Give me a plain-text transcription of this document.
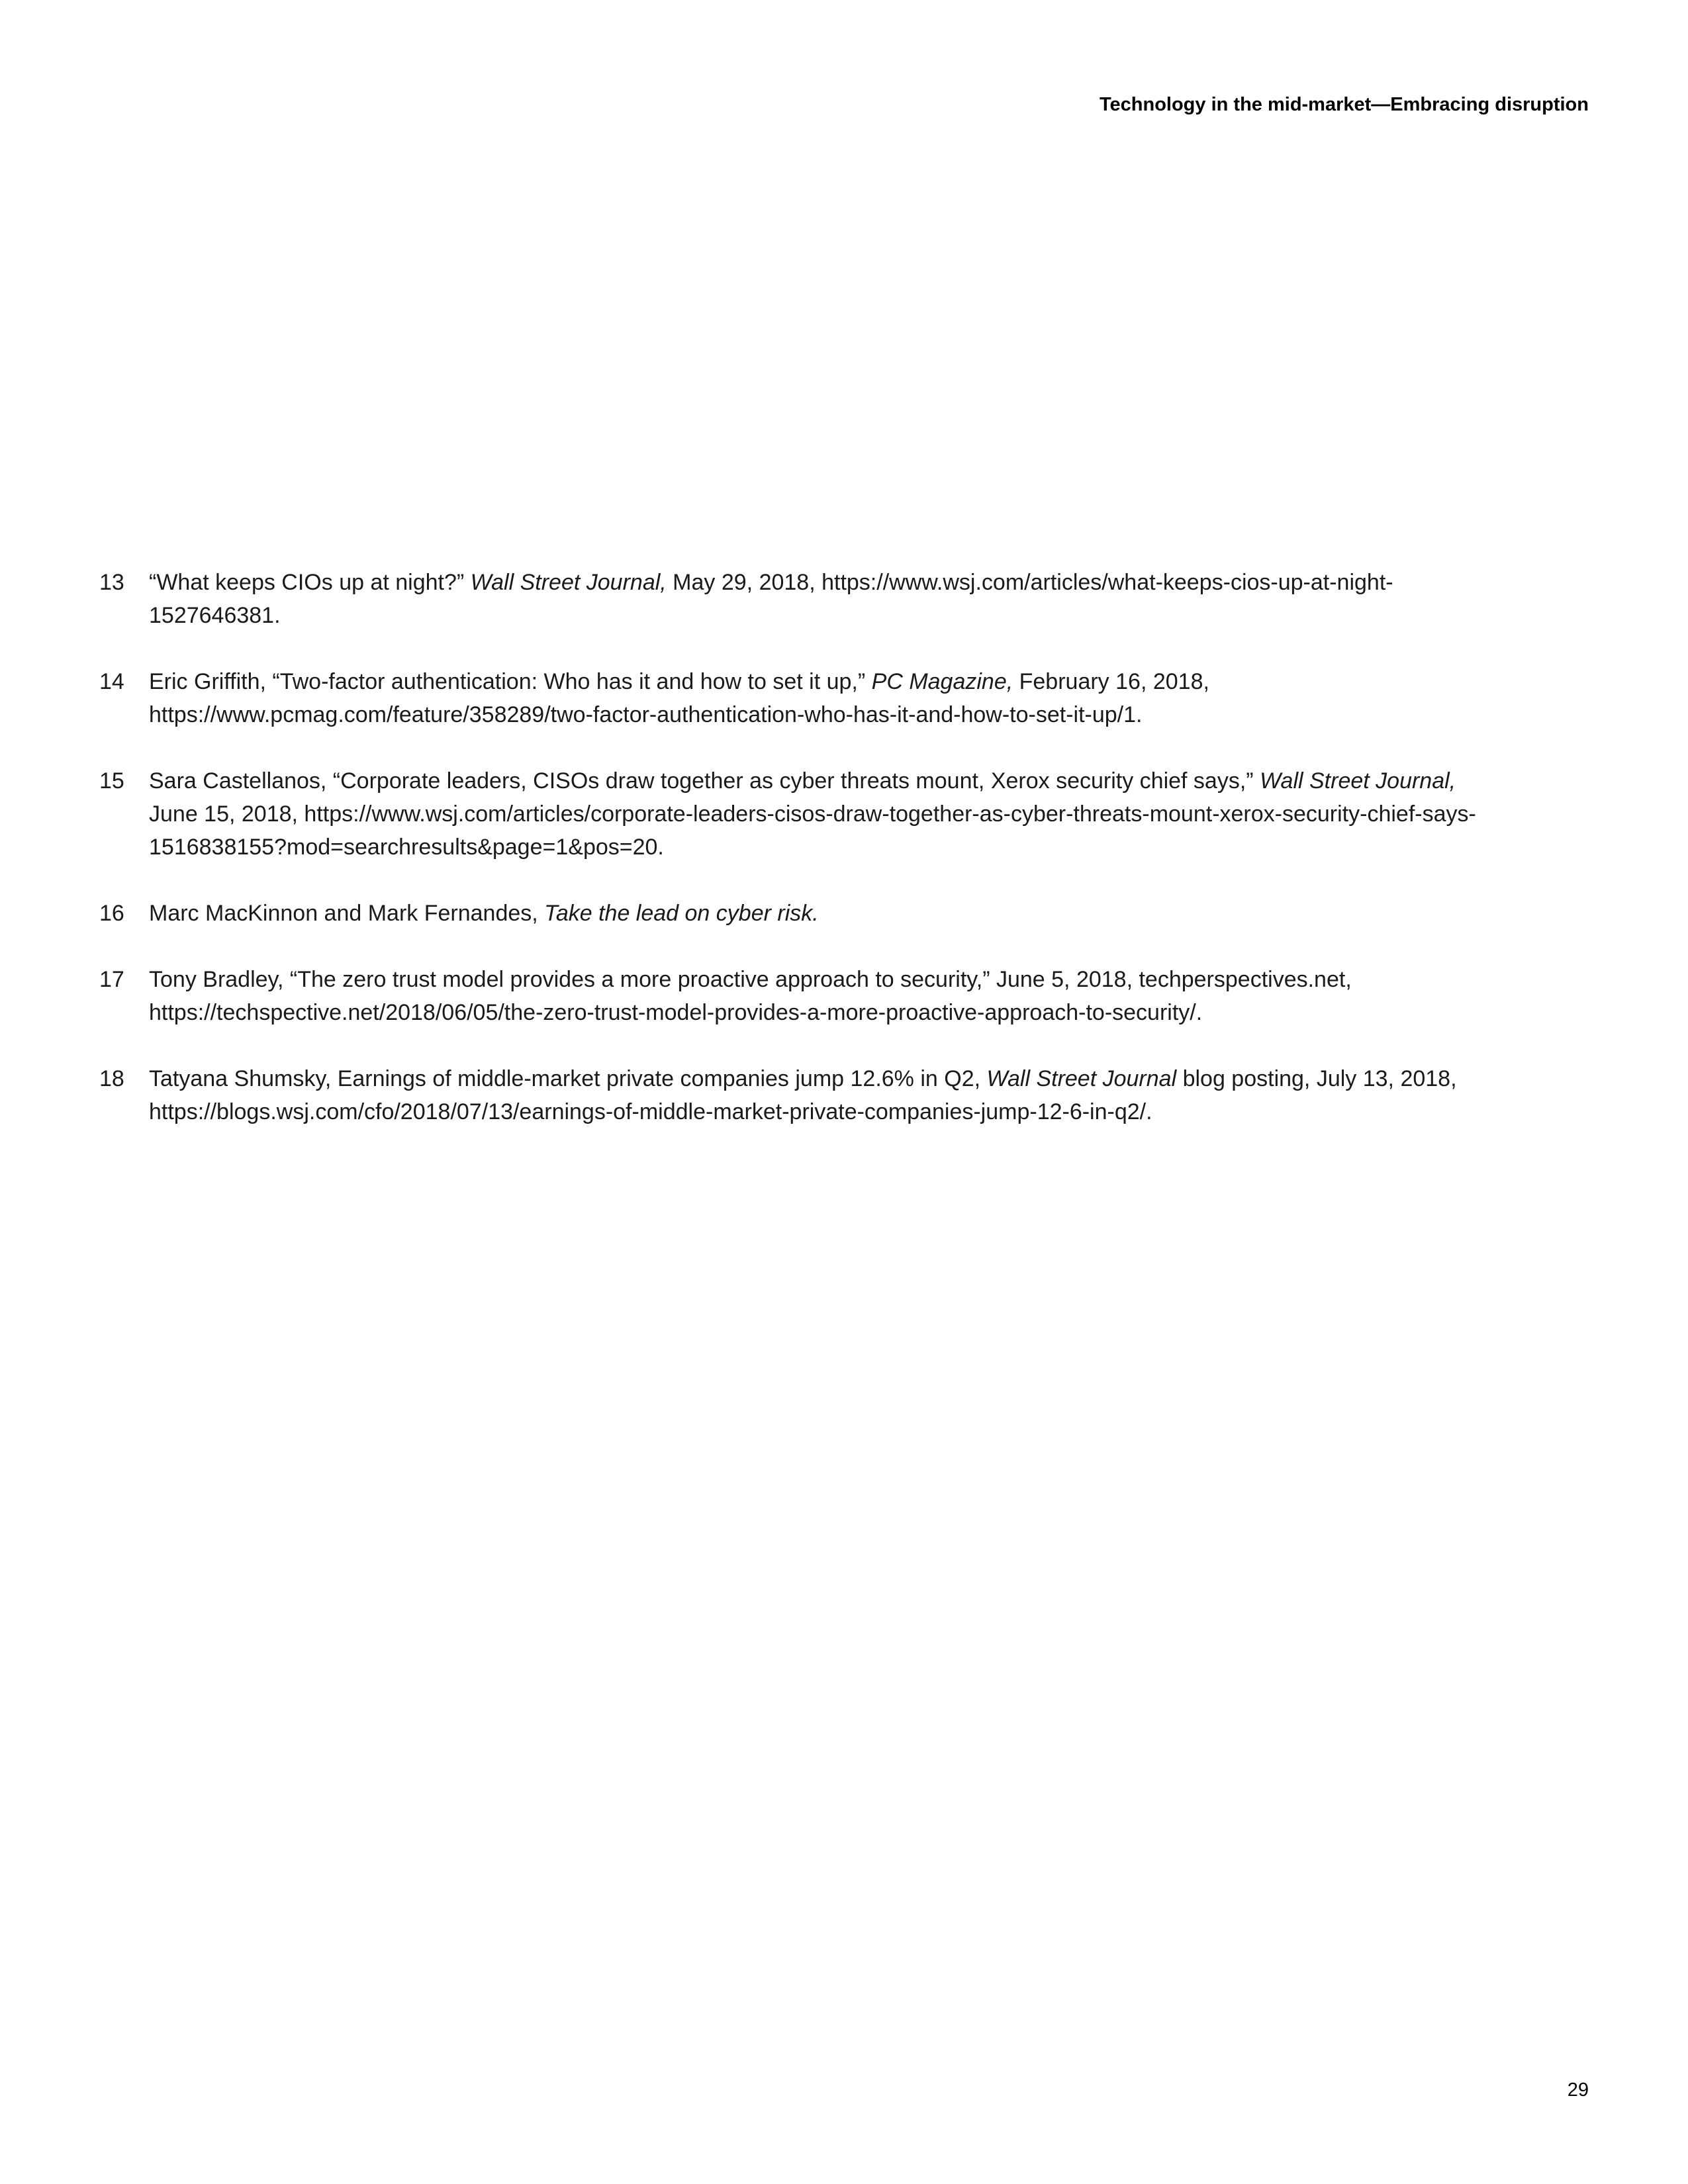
Technology in the mid-market—Embracing disruption
13	“What keeps CIOs up at night?” Wall Street Journal, May 29, 2018, https://www.wsj.com/articles/what-keeps-cios-up-at-night-1527646381.
14	Eric Griffith, “Two-factor authentication: Who has it and how to set it up,” PC Magazine, February 16, 2018, https://www.pcmag.com/feature/358289/two-factor-authentication-who-has-it-and-how-to-set-it-up/1.
15	Sara Castellanos, “Corporate leaders, CISOs draw together as cyber threats mount, Xerox security chief says,” Wall Street Journal, June 15, 2018, https://www.wsj.com/articles/corporate-leaders-cisos-draw-together-as-cyber-threats-mount-xerox-security-chief-says-1516838155?mod=searchresults&page=1&pos=20.
16	Marc MacKinnon and Mark Fernandes, Take the lead on cyber risk.
17	Tony Bradley, “The zero trust model provides a more proactive approach to security,” June 5, 2018, techperspectives.net, https://techspective.net/2018/06/05/the-zero-trust-model-provides-a-more-proactive-approach-to-security/.
18	Tatyana Shumsky, Earnings of middle-market private companies jump 12.6% in Q2, Wall Street Journal blog posting, July 13, 2018, https://blogs.wsj.com/cfo/2018/07/13/earnings-of-middle-market-private-companies-jump-12-6-in-q2/.
29
